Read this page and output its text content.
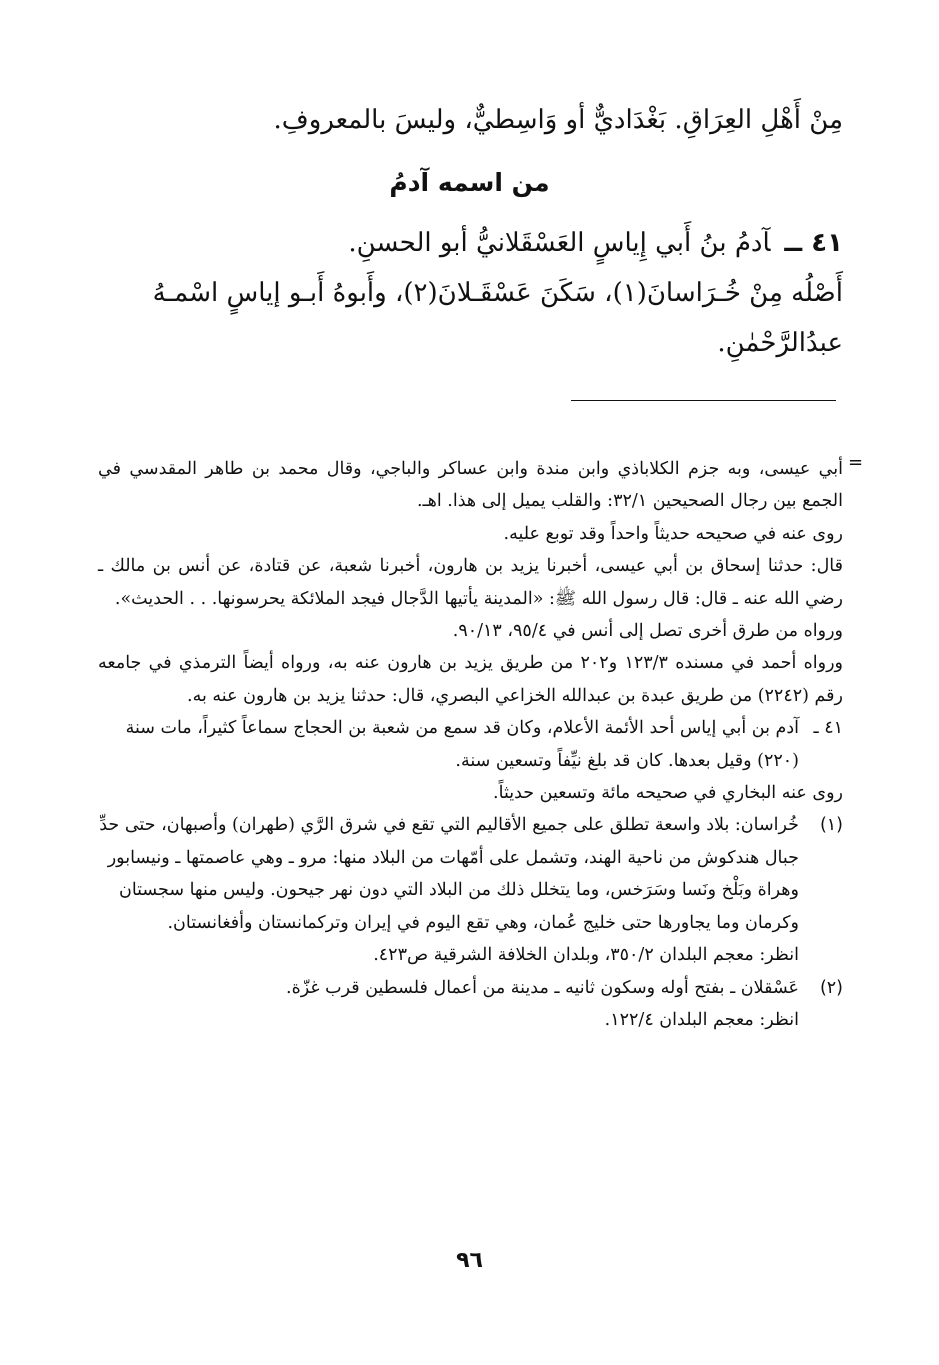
مِنْ أَهْلِ العِرَاقِ. بَغْدَاديٌّ أو وَاسِطيٌّ، وليسَ بالمعروفِ.

من اسمه آدمُ

٤١ ــآدمُ بنُ أَبي إِياسٍ العَسْقَلانيُّ أبو الحسنِ.

أَصْلُه مِنْ خُـرَاسانَ(١)، سَكَنَ عَسْقَـلانَ(٢)، وأَبوهُ أَبـو إياسٍ اسْمـهُ

عبدُالرَّحْمٰنِ.

=

أبي عيسى، وبه جزم الكلاباذي وابن مندة وابن عساكر والباجي، وقال محمد بن طاهر المقدسي في الجمع بين رجال الصحيحين ٣٢/١: والقلب يميل إلى هذا. اهـ.

روى عنه في صحيحه حديثاً واحداً وقد توبع عليه.

قال: حدثنا إسحاق بن أبي عيسى، أخبرنا يزيد بن هارون، أخبرنا شعبة، عن قتادة، عن أنس بن مالك ـ رضي الله عنه ـ قال: قال رسول الله ﷺ: «المدينة يأتيها الدَّجال فيجد الملائكة يحرسونها. . . الحديث».

ورواه من طرق أخرى تصل إلى أنس في ٩٥/٤، ٩٠/١٣.

ورواه أحمد في مسنده ١٢٣/٣ و٢٠٢ من طريق يزيد بن هارون عنه به، ورواه أيضاً الترمذي في جامعه رقم (٢٢٤٢) من طريق عبدة بن عبدالله الخزاعي البصري، قال: حدثنا يزيد بن هارون عنه به.

٤١ ـ
آدم بن أبي إياس أحد الأئمة الأعلام، وكان قد سمع من شعبة بن الحجاج سماعاً كثيراً، مات سنة (٢٢٠) وقيل بعدها. كان قد بلغ نيِّفاً وتسعين سنة.

روى عنه البخاري في صحيحه مائة وتسعين حديثاً.

(١)
خُراسان: بلاد واسعة تطلق على جميع الأقاليم التي تقع في شرق الرَّي (طهران) وأصبهان، حتى حدِّ جبال هندكوش من ناحية الهند، وتشمل على أمّهات من البلاد منها: مرو ـ وهي عاصمتها ـ ونيسابور وهراة وبَلْخ ونَسا وسَرَخس، وما يتخلل ذلك من البلاد التي دون نهر جيحون. وليس منها سجستان وكرمان وما يجاورها حتى خليج عُمان، وهي تقع اليوم في إيران وتركمانستان وأفغانستان.

انظر: معجم البلدان ٣٥٠/٢، وبلدان الخلافة الشرقية ص٤٢٣.

(٢)
عَسْقلان ـ بفتح أوله وسكون ثانيه ـ مدينة من أعمال فلسطين قرب غزّة.

انظر: معجم البلدان ١٢٢/٤.

٩٦
